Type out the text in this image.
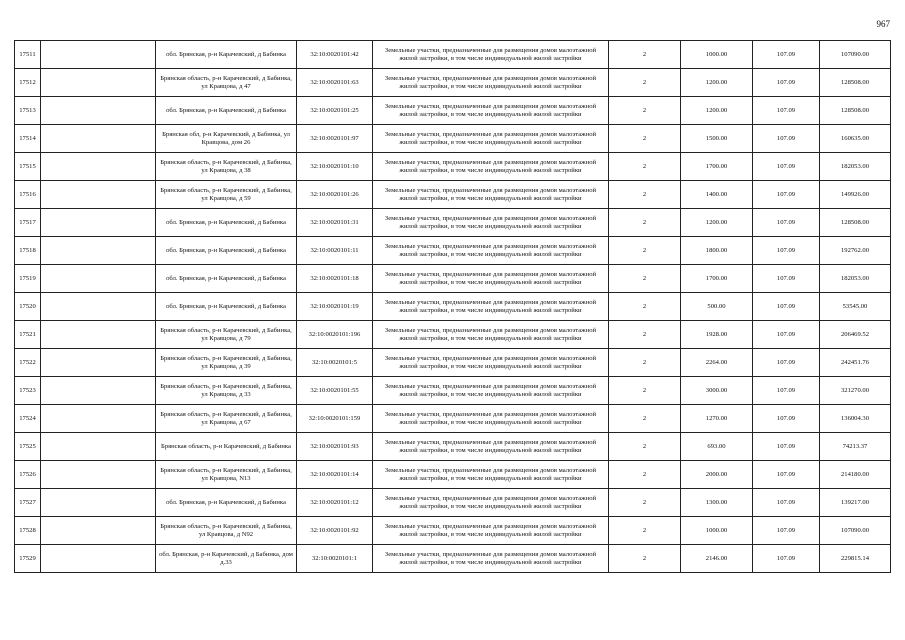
967
17511		обл. Брянская, р-н Карачевский, д Бабинка	32:10:0020101:42	Земельные участки, предназначенные для размещения домов малоэтажной жилой застройки, в том числе индивидуальной жилой застройки	2	1000.00	107.09	107090.00
17512		Брянская область, р-н Карачевский, д Бабинка, ул Кравцова, д 47	32:10:0020101:63	Земельные участки, предназначенные для размещения домов малоэтажной жилой застройки, в том числе индивидуальной жилой застройки	2	1200.00	107.09	128508.00
17513		обл. Брянская, р-н Карачевский, д Бабинка	32:10:0020101:25	Земельные участки, предназначенные для размещения домов малоэтажной жилой застройки, в том числе индивидуальной жилой застройки	2	1200.00	107.09	128508.00
17514		Брянская обл, р-н Карачевский, д Бабинка, ул Кравцова, дом 26	32:10:0020101:97	Земельные участки, предназначенные для размещения домов малоэтажной жилой застройки, в том числе индивидуальной жилой застройки	2	1500.00	107.09	160635.00
17515		Брянская область, р-н Карачевский, д Бабинка, ул Кравцова, д 38	32:10:0020101:10	Земельные участки, предназначенные для размещения домов малоэтажной жилой застройки, в том числе индивидуальной жилой застройки	2	1700.00	107.09	182053.00
17516		Брянская область, р-н Карачевский, д Бабинка, ул Кравцова, д 59	32:10:0020101:26	Земельные участки, предназначенные для размещения домов малоэтажной жилой застройки, в том числе индивидуальной жилой застройки	2	1400.00	107.09	149926.00
17517		обл. Брянская, р-н Карачевский, д Бабинка	32:10:0020101:31	Земельные участки, предназначенные для размещения домов малоэтажной жилой застройки, в том числе индивидуальной жилой застройки	2	1200.00	107.09	128508.00
17518		обл. Брянская, р-н Карачевский, д Бабинка	32:10:0020101:11	Земельные участки, предназначенные для размещения домов малоэтажной жилой застройки, в том числе индивидуальной жилой застройки	2	1800.00	107.09	192762.00
17519		обл. Брянская, р-н Карачевский, д Бабинка	32:10:0020101:18	Земельные участки, предназначенные для размещения домов малоэтажной жилой застройки, в том числе индивидуальной жилой застройки	2	1700.00	107.09	182053.00
17520		обл. Брянская, р-н Карачевский, д Бабинка	32:10:0020101:19	Земельные участки, предназначенные для размещения домов малоэтажной жилой застройки, в том числе индивидуальной жилой застройки	2	500.00	107.09	53545.00
17521		Брянская область, р-н Карачевский, д Бабинка, ул Кравцова, д 79	32:10:0020101:196	Земельные участки, предназначенные для размещения домов малоэтажной жилой застройки, в том числе индивидуальной жилой застройки	2	1928.00	107.09	206469.52
17522		Брянская область, р-н Карачевский, д Бабинка, ул Кравцова, д 39	32:10:0020101:5	Земельные участки, предназначенные для размещения домов малоэтажной жилой застройки, в том числе индивидуальной жилой застройки	2	2264.00	107.09	242451.76
17523		Брянская область, р-н Карачевский, д Бабинка, ул Кравцова, д 33	32:10:0020101:55	Земельные участки, предназначенные для размещения домов малоэтажной жилой застройки, в том числе индивидуальной жилой застройки	2	3000.00	107.09	321270.00
17524		Брянская область, р-н Карачевский, д Бабинка, ул Кравцова, д 67	32:10:0020101:159	Земельные участки, предназначенные для размещения домов малоэтажной жилой застройки, в том числе индивидуальной жилой застройки	2	1270.00	107.09	136004.30
17525		Брянская область, р-н Карачевский, д Бабинка	32:10:0020101:93	Земельные участки, предназначенные для размещения домов малоэтажной жилой застройки, в том числе индивидуальной жилой застройки	2	693.00	107.09	74213.37
17526		Брянская область, р-н Карачевский, д Бабинка, ул Кравцова, N13	32:10:0020101:14	Земельные участки, предназначенные для размещения домов малоэтажной жилой застройки, в том числе индивидуальной жилой застройки	2	2000.00	107.09	214180.00
17527		обл. Брянская, р-н Карачевский, д Бабинка	32:10:0020101:12	Земельные участки, предназначенные для размещения домов малоэтажной жилой застройки, в том числе индивидуальной жилой застройки	2	1300.00	107.09	139217.00
17528		Брянская область, р-н Карачевский, д Бабинка, ул Кравцова, д N92	32:10:0020101:92	Земельные участки, предназначенные для размещения домов малоэтажной жилой застройки, в том числе индивидуальной жилой застройки	2	1000.00	107.09	107090.00
17529		обл. Брянская, р-н Карачевский, д Бабинка, дом д.33	32:10:0020101:1	Земельные участки, предназначенные для размещения домов малоэтажной жилой застройки, в том числе индивидуальной жилой застройки	2	2146.00	107.09	229815.14
